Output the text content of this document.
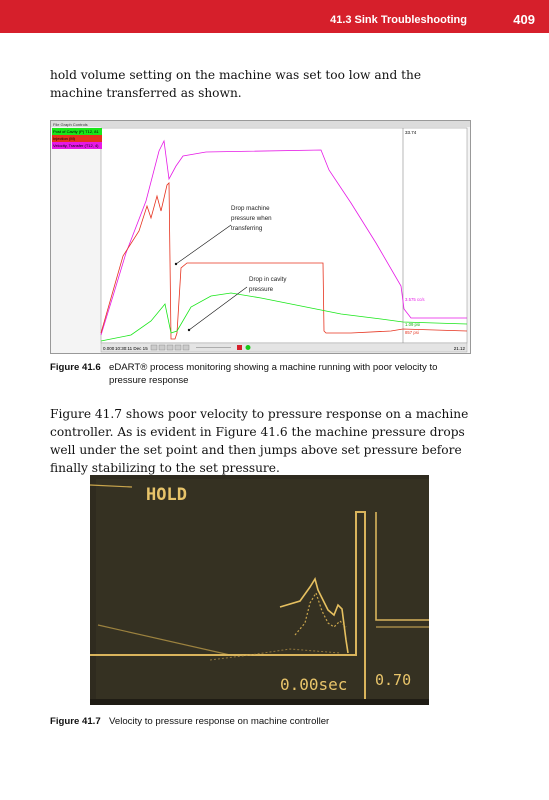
41.3 Sink Troubleshooting	409

hold volume setting on the machine was set too low and the machine transferred as shown.

File Graph Controls
0.000 10:30:11 Dec 15	21.12
33.74
Drop machine
pressure when
transferring
Drop in cavity
pressure
3.575 cc/s
1.09 psi
857 psi
Post of Cavity (P) T12, 81
Injection (M)
Velocity, Transfer (T12, 4)
Figure 41.6 eDART® process monitoring showing a machine running with poor velocity to pressure response

Figure 41.7 shows poor velocity to pressure response on a machine controller. As is evident in Figure 41.6 the machine pressure drops well under the set point and then jumps above set pressure before finally stabilizing to the set pressure.

HOLD
0.00sec 0.70
Figure 41.7 Velocity to pressure response on machine controller
